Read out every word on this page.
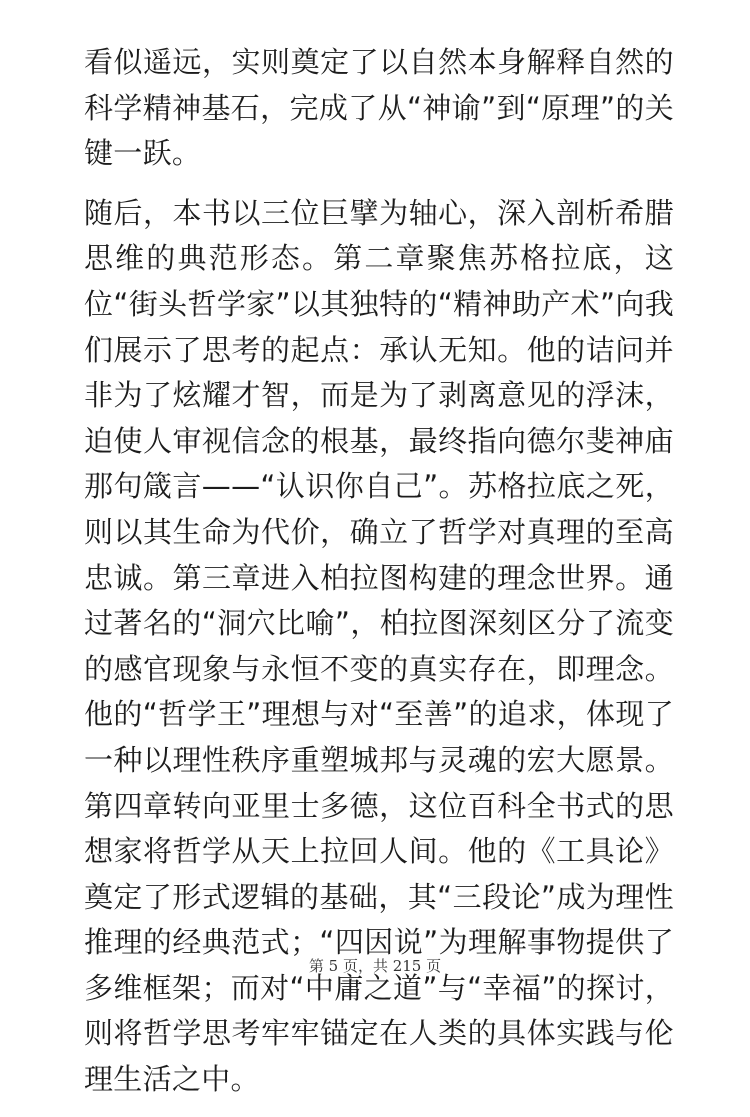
看似遥远，实则奠定了以自然本身解释自然的科学精神基石，完成了从“神谕”到“原理”的关键一跃。

随后，本书以三位巨擘为轴心，深入剖析希腊思维的典范形态。第二章聚焦苏格拉底，这位“街头哲学家”以其独特的“精神助产术”向我们展示了思考的起点：承认无知。他的诘问并非为了炫耀才智，而是为了剥离意见的浮沫，迫使人审视信念的根基，最终指向德尔斐神庙那句箴言——“认识你自己”。苏格拉底之死，则以其生命为代价，确立了哲学对真理的至高忠诚。第三章进入柏拉图构建的理念世界。通过著名的“洞穴比喻”，柏拉图深刻区分了流变的感官现象与永恒不变的真实存在，即理念。他的“哲学王”理想与对“至善”的追求，体现了一种以理性秩序重塑城邦与灵魂的宏大愿景。第四章转向亚里士多德，这位百科全书式的思想家将哲学从天上拉回人间。他的《工具论》奠定了形式逻辑的基础，其“三段论”成为理性推理的经典范式；“四因说”为理解事物提供了多维框架；而对“中庸之道”与“幸福”的探讨，则将哲学思考牢牢锚定在人类的具体实践与伦理生活之中。

第 5 页，共 215 页
